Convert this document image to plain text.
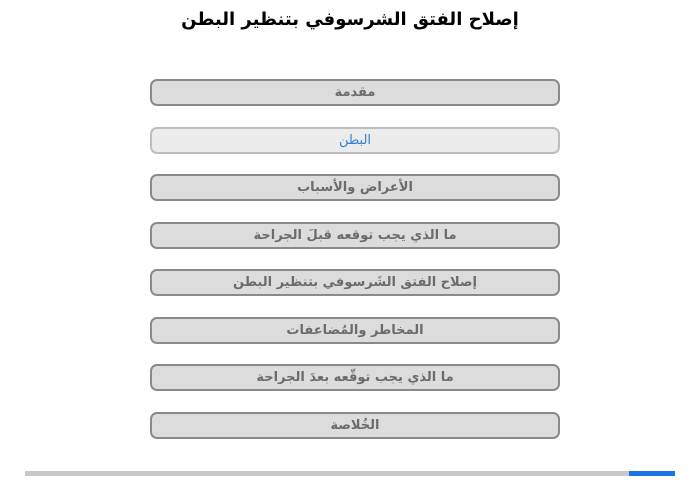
إصلاح الفتق الشرسوفي بتنظير البطن
مقدمة
البطن
الأعراض والأسباب
ما الذي يجب توقعه قبلَ الجراحة
إصلاح الفتق الشَرسوفي بتنظير البطن
المخاطر والمُضاعفات
ما الذي يجب توقّعه بعدَ الجراحة
الخُلاصة
